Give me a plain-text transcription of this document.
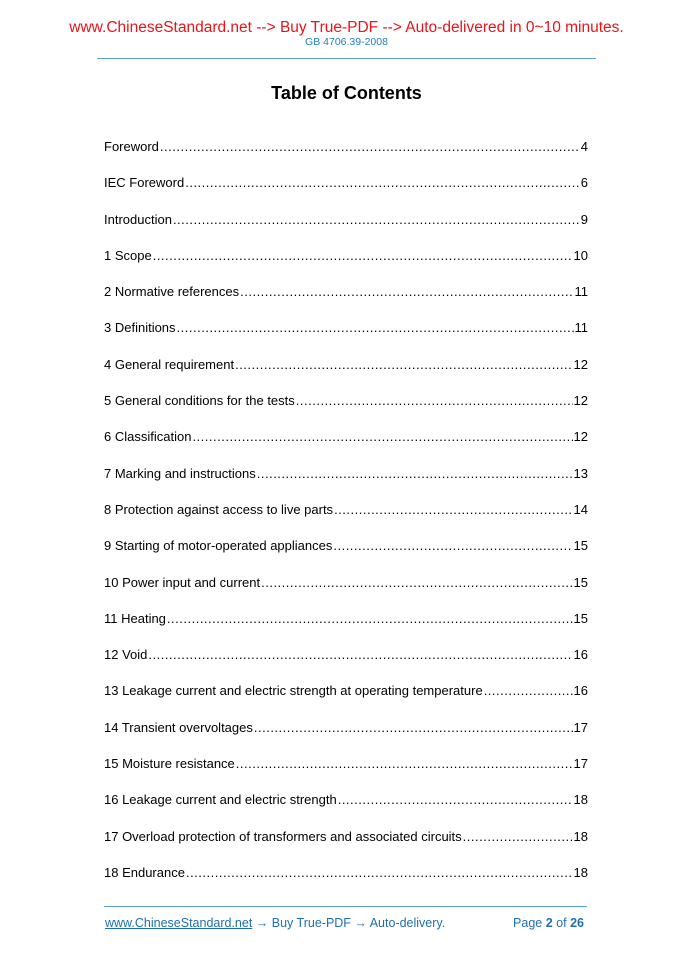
www.ChineseStandard.net --> Buy True-PDF --> Auto-delivered in 0~10 minutes.
GB 4706.39-2008
Table of Contents
Foreword .....	4
IEC Foreword .....	6
Introduction .....	9
1 Scope .....	10
2 Normative references .....	11
3 Definitions .....	11
4 General requirement .....	12
5 General conditions for the tests .....	12
6 Classification .....	12
7 Marking and instructions .....	13
8 Protection against access to live parts .....	14
9 Starting of motor-operated appliances .....	15
10 Power input and current .....	15
11 Heating .....	15
12 Void .....	16
13 Leakage current and electric strength at operating temperature .....	16
14 Transient overvoltages .....	17
15 Moisture resistance .....	17
16 Leakage current and electric strength .....	18
17 Overload protection of transformers and associated circuits .....	18
18 Endurance .....	18
www.ChineseStandard.net → Buy True-PDF → Auto-delivery.	Page 2 of 26
